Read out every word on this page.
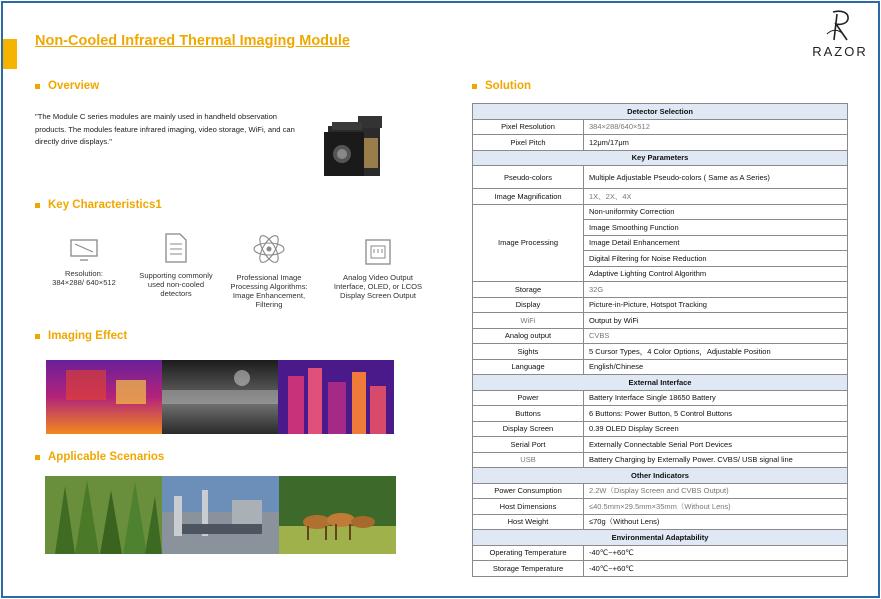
Non-Cooled Infrared Thermal Imaging Module
RAZOR
Overview
"The Module C series modules are mainly used in handheld observation products. The modules feature infrared imaging, video storage, WiFi, and can directly drive displays."
Key Characteristics1
Resolution:
384×288/ 640×512
Supporting commonly
used non-cooled
detectors
Professional Image
Processing Algorithms:
Image Enhancement,
Filtering
Analog Video Output
Interface, OLED, or LCOS
Display Screen Output
Imaging Effect
Applicable Scenarios
Solution
Detector Selection	
Pixel Resolution	384×288/640×512
Pixel Pitch	12μm/17μm
Key Parameters	
Pseudo-colors	Multiple Adjustable Pseudo-colors ( Same as A Series)
Image Magnification	1X、2X、4X
Image Processing	Non-uniformity Correction
	Image Smoothing Function
	Image Detail Enhancement
	Digital Filtering for Noise Reduction
	Adaptive Lighting Control Algorithm
Storage	32G
Display	Picture-in-Picture, Hotspot Tracking
WiFi	Output by WiFi
Analog output	CVBS
Sights	5 Cursor Types，4 Color Options，Adjustable Position
Language	English/Chinese
External Interface	
Power	Battery Interface Single 18650 Battery
Buttons	6 Buttons: Power Button, 5 Control Buttons
Display Screen	0.39 OLED Display Screen
Serial Port	Externally Connectable Serial Port Devices
USB	Battery Charging by Externally Power. CVBS/ USB signal line
Other Indicators	
Power Consumption	2.2W（Display Screen and CVBS Output)
Host Dimensions	≤40.5mm×29.5mm×35mm（Without Lens)
Host Weight	≤70g（Without Lens)
Environmental Adaptability	
Operating Temperature	-40℃~+60℃
Storage Temperature	-40℃~+60℃
